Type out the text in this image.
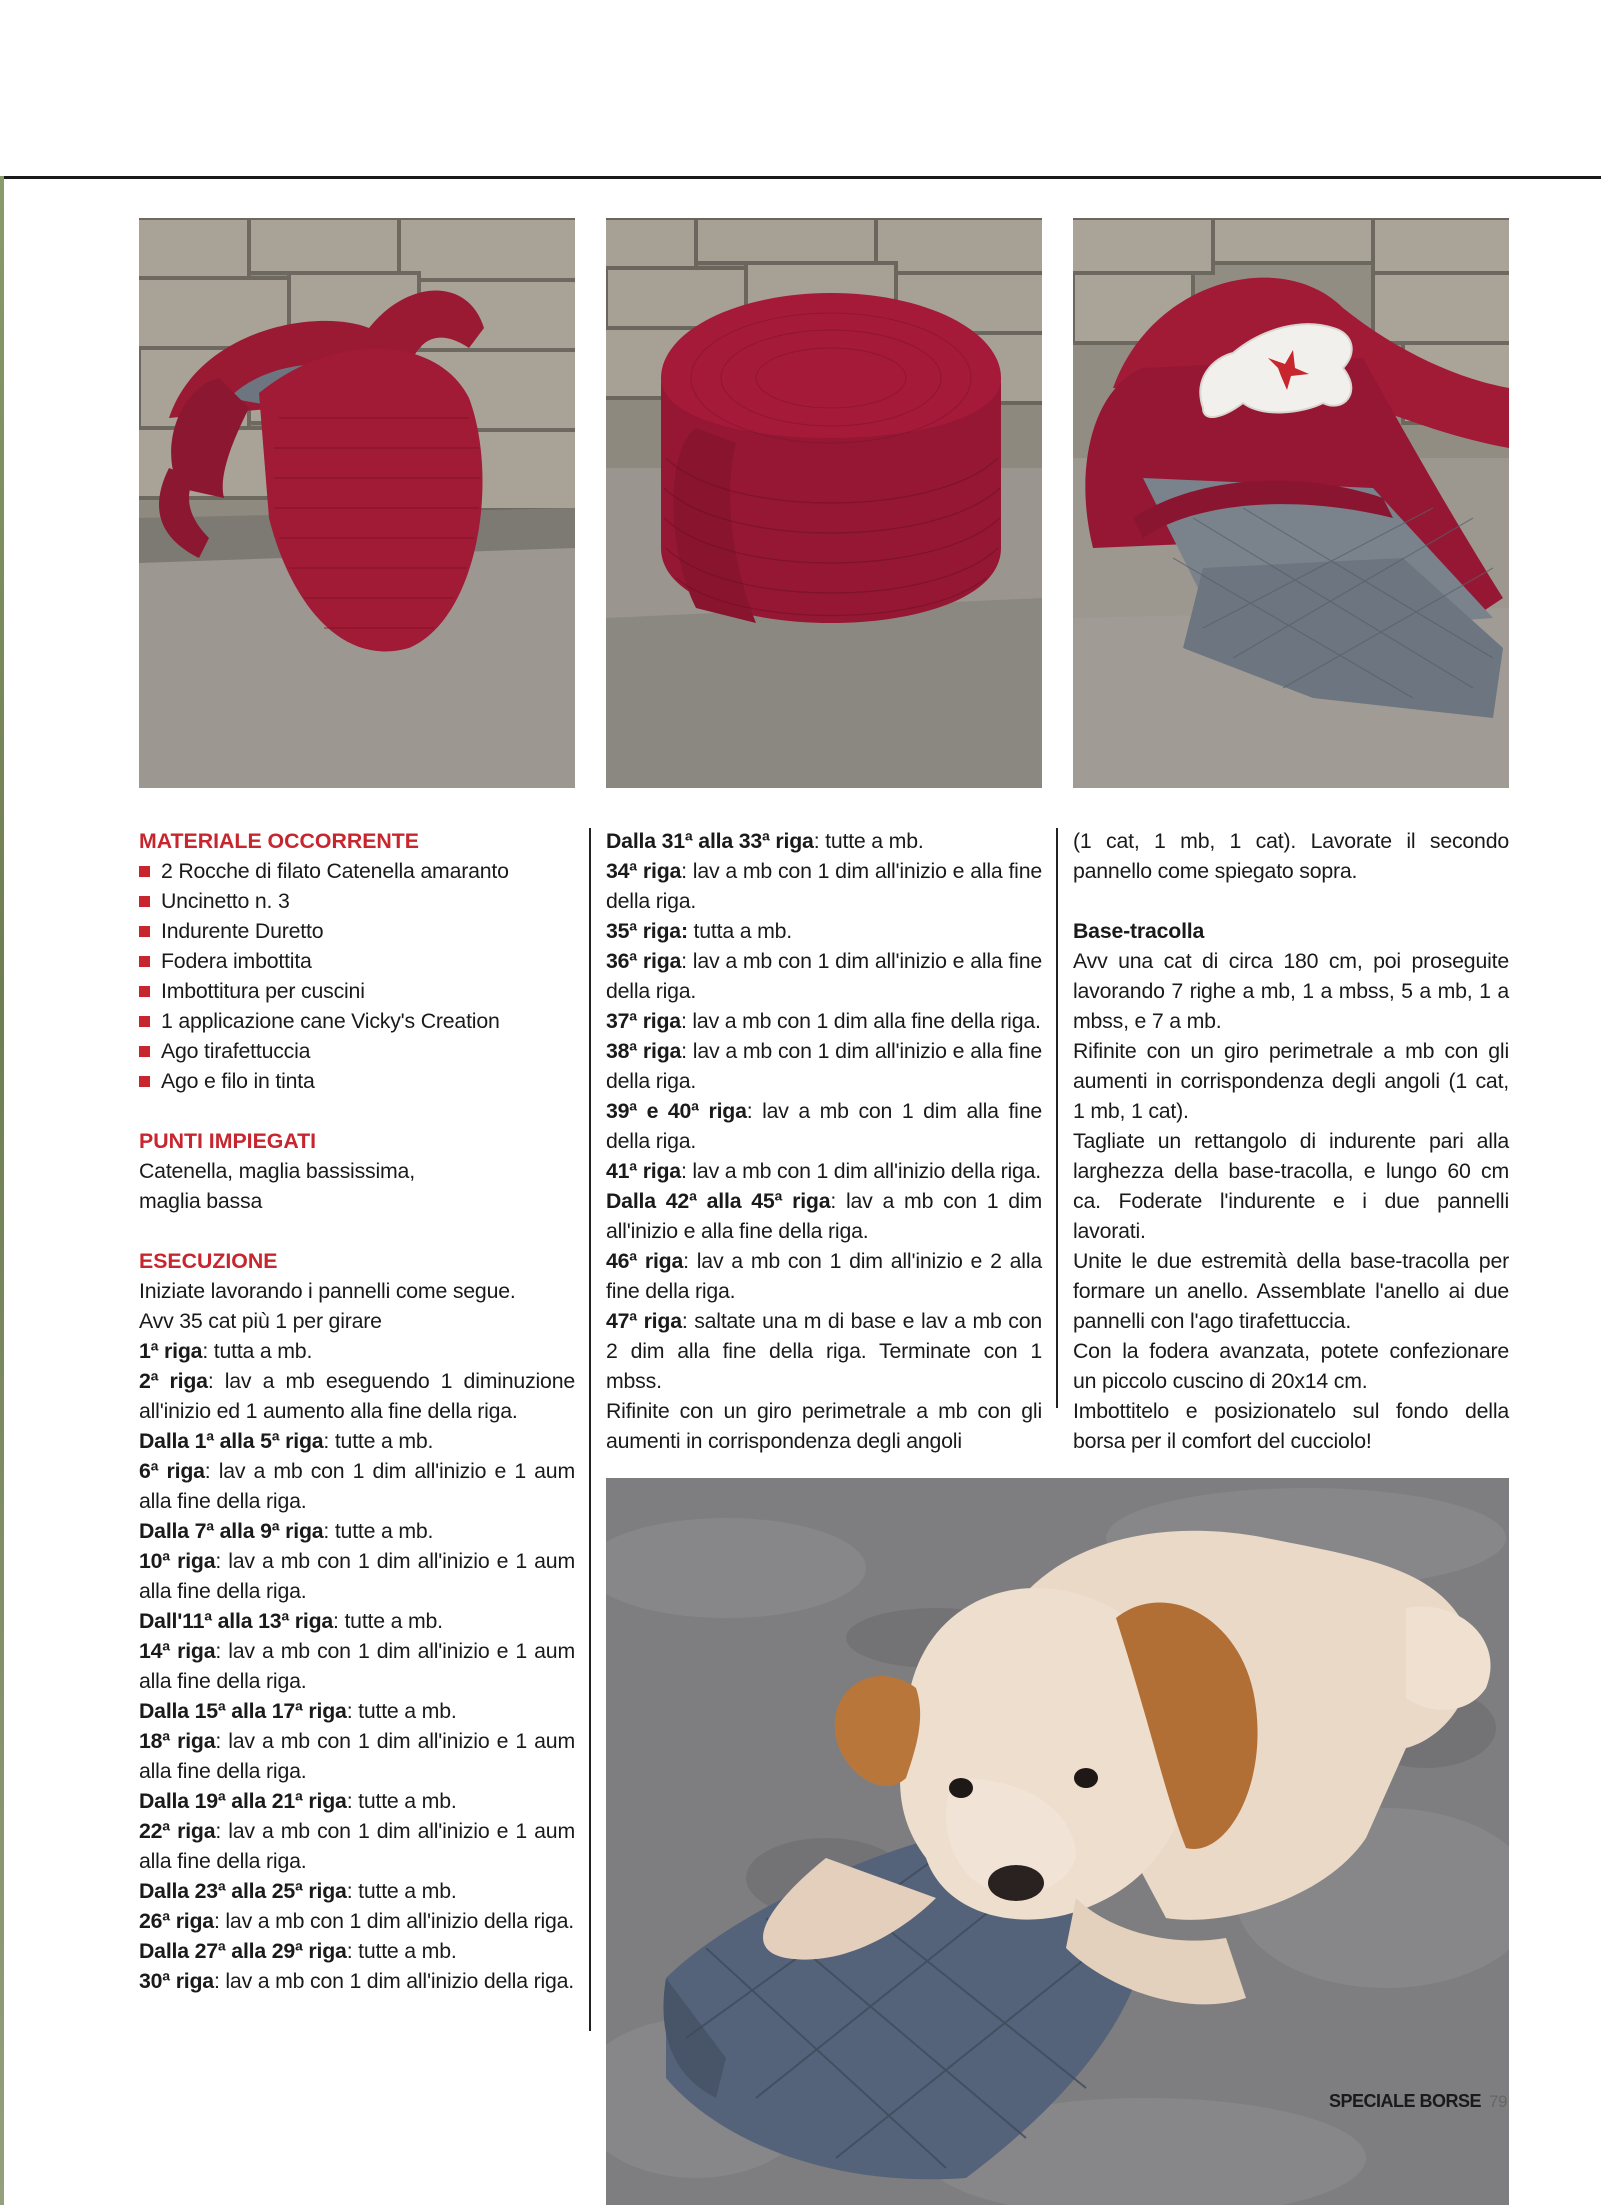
MATERIALE OCCORRENTE

2 Rocche di filato Catenella amaranto

Uncinetto n. 3

Indurente Duretto

Fodera imbottita

Imbottitura per cuscini

1 applicazione cane Vicky's Creation

Ago tirafettuccia

Ago e filo in tinta

PUNTI IMPIEGATI

Catenella, maglia bassissima,

maglia bassa

ESECUZIONE

Iniziate lavorando i pannelli come segue.

Avv 35 cat più 1 per girare

1ª riga: tutta a mb.

2ª riga: lav a mb eseguendo 1 diminuzione all'inizio ed 1 aumento alla fine della riga.

Dalla 1ª alla 5ª riga: tutte a mb.

6ª riga: lav a mb con 1 dim all'inizio e 1 aum alla fine della riga.

Dalla 7ª alla 9ª riga: tutte a mb.

10ª riga: lav a mb con 1 dim all'inizio e 1 aum alla fine della riga.

Dall'11ª alla 13ª riga: tutte a mb.

14ª riga: lav a mb con 1 dim all'inizio e 1 aum alla fine della riga.

Dalla 15ª alla 17ª riga: tutte a mb.

18ª riga: lav a mb con 1 dim all'inizio e 1 aum alla fine della riga.

Dalla 19ª alla 21ª riga: tutte a mb.

22ª riga: lav a mb con 1 dim all'inizio e 1 aum alla fine della riga.

Dalla 23ª alla 25ª riga: tutte a mb.

26ª riga: lav a mb con 1 dim all'inizio della riga.

Dalla 27ª alla 29ª riga: tutte a mb.

30ª riga: lav a mb con 1 dim all'inizio della riga.

Dalla 31ª alla 33ª riga: tutte a mb.

34ª riga: lav a mb con 1 dim all'inizio e alla fine della riga.

35ª riga: tutta a mb.

36ª riga: lav a mb con 1 dim all'inizio e alla fine della riga.

37ª riga: lav a mb con 1 dim alla fine della riga.

38ª riga: lav a mb con 1 dim all'inizio e alla fine della riga.

39ª e 40ª riga: lav a mb con 1 dim alla fine della riga.

41ª riga: lav a mb con 1 dim all'inizio della riga.

Dalla 42ª alla 45ª riga: lav a mb con 1 dim all'inizio e alla fine della riga.

46ª riga: lav a mb con 1 dim all'inizio e 2 alla fine della riga.

47ª riga: saltate una m di base e lav a mb con 2 dim alla fine della riga. Terminate con 1 mbss.

Rifinite con un giro perimetrale a mb con gli aumenti in corrispondenza degli angoli

(1 cat, 1 mb, 1 cat). Lavorate il secondo pannello come spiegato sopra.

Base-tracolla

Avv una cat di circa 180 cm, poi proseguite lavorando 7 righe a mb, 1 a mbss, 5 a mb, 1 a mbss, e 7 a mb.

Rifinite con un giro perimetrale a mb con gli aumenti in corrispondenza degli angoli (1 cat, 1 mb, 1 cat).

Tagliate un rettangolo di indurente pari alla larghezza della base-tracolla, e lungo 60 cm ca. Foderate l'indurente e i due pannelli lavorati.

Unite le due estremità della base-tracolla per formare un anello. Assemblate l'anello ai due pannelli con l'ago tirafettuccia.

Con la fodera avanzata, potete confezionare un piccolo cuscino di 20x14 cm.

Imbottitelo e posizionatelo sul fondo della borsa per il comfort del cucciolo!

SPECIALE BORSE 79
